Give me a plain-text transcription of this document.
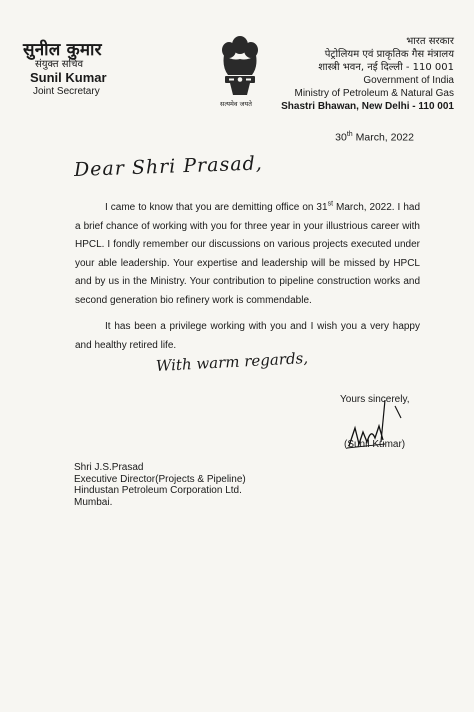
सुनील कुमार
संयुक्त सचिव
Sunil Kumar
Joint Secretary
सत्यमेव जयते
भारत सरकार
पेट्रोलियम एवं प्राकृतिक गैस मंत्रालय
शास्त्री भवन, नई दिल्ली - 110 001
Government of India
Ministry of Petroleum & Natural Gas
Shastri Bhawan, New Delhi - 110 001
30th March, 2022
Dear Shri Prasad,
I came to know that you are demitting office on 31st March, 2022. I had a brief chance of working with you for three year in your illustrious career with HPCL. I fondly remember our discussions on various projects executed under your able leadership. Your expertise and leadership will be missed by HPCL and by us in the Ministry. Your contribution to pipeline construction works and second generation bio refinery work is commendable.
It has been a privilege working with you and I wish you a very happy and healthy retired life.
With warm regards,
Yours sincerely,
(Sunil Kumar)
Shri J.S.Prasad
Executive Director(Projects & Pipeline)
Hindustan Petroleum Corporation Ltd.
Mumbai.
